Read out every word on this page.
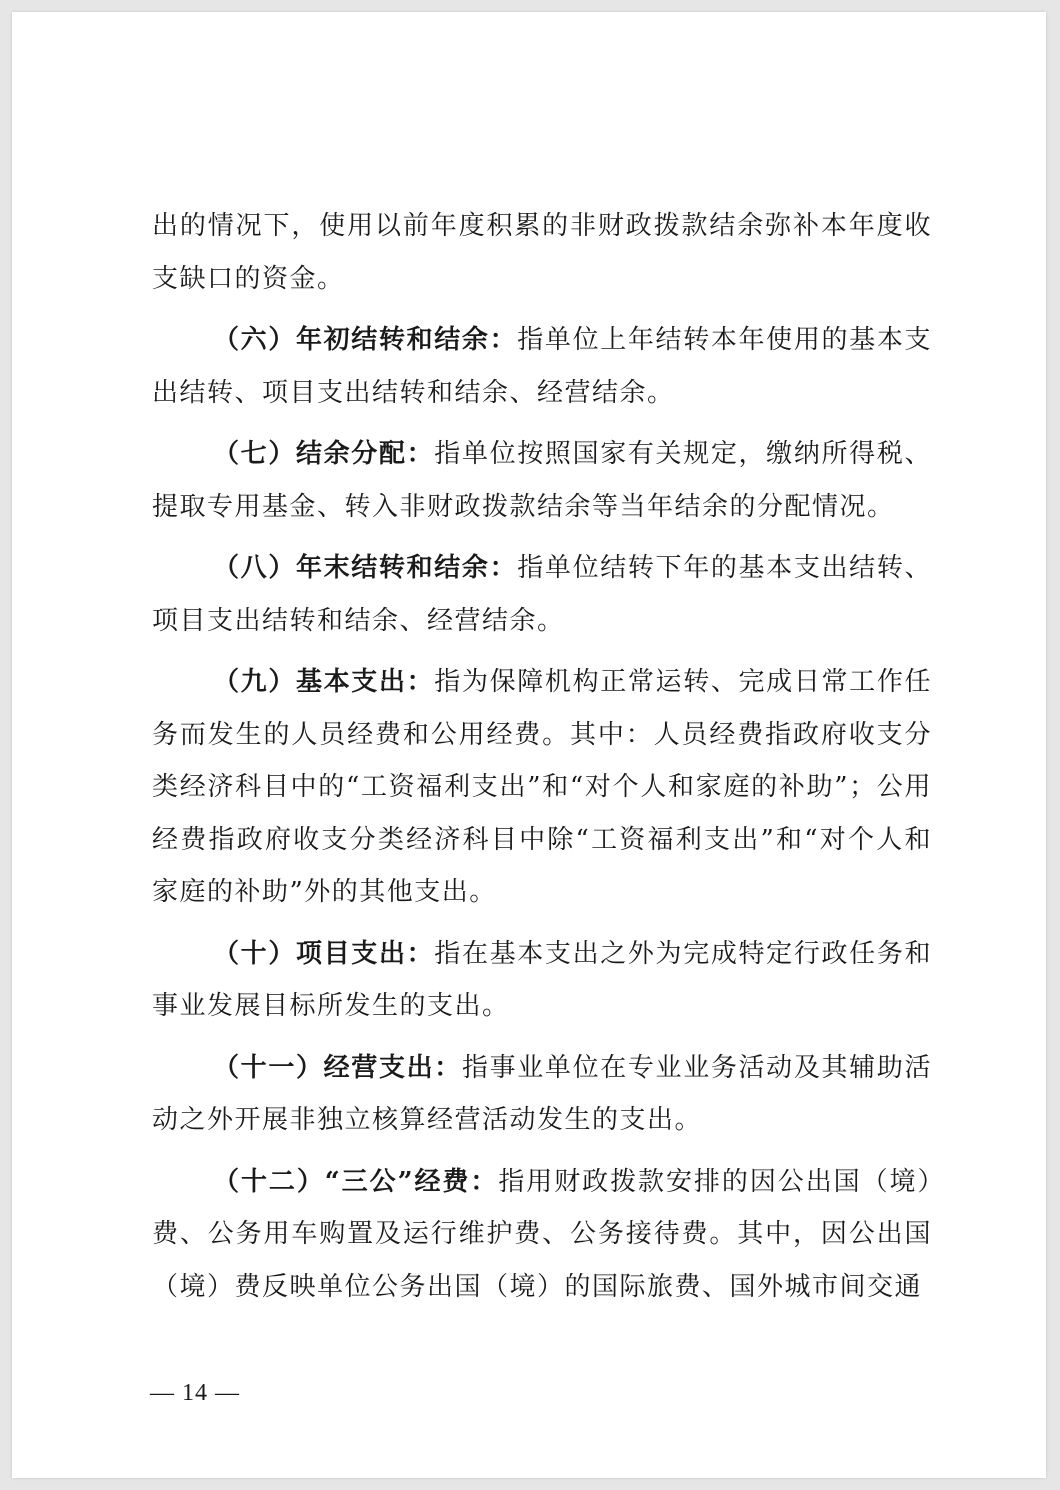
出的情况下，使用以前年度积累的非财政拨款结余弥补本年度收支缺口的资金。

（六）年初结转和结余：指单位上年结转本年使用的基本支出结转、项目支出结转和结余、经营结余。

（七）结余分配：指单位按照国家有关规定，缴纳所得税、提取专用基金、转入非财政拨款结余等当年结余的分配情况。

（八）年末结转和结余：指单位结转下年的基本支出结转、项目支出结转和结余、经营结余。

（九）基本支出：指为保障机构正常运转、完成日常工作任务而发生的人员经费和公用经费。其中：人员经费指政府收支分类经济科目中的“工资福利支出”和“对个人和家庭的补助”；公用经费指政府收支分类经济科目中除“工资福利支出”和“对个人和家庭的补助”外的其他支出。

（十）项目支出：指在基本支出之外为完成特定行政任务和事业发展目标所发生的支出。

（十一）经营支出：指事业单位在专业业务活动及其辅助活动之外开展非独立核算经营活动发生的支出。

（十二）“三公”经费：指用财政拨款安排的因公出国（境）费、公务用车购置及运行维护费、公务接待费。其中，因公出国（境）费反映单位公务出国（境）的国际旅费、国外城市间交通

— 14 —
